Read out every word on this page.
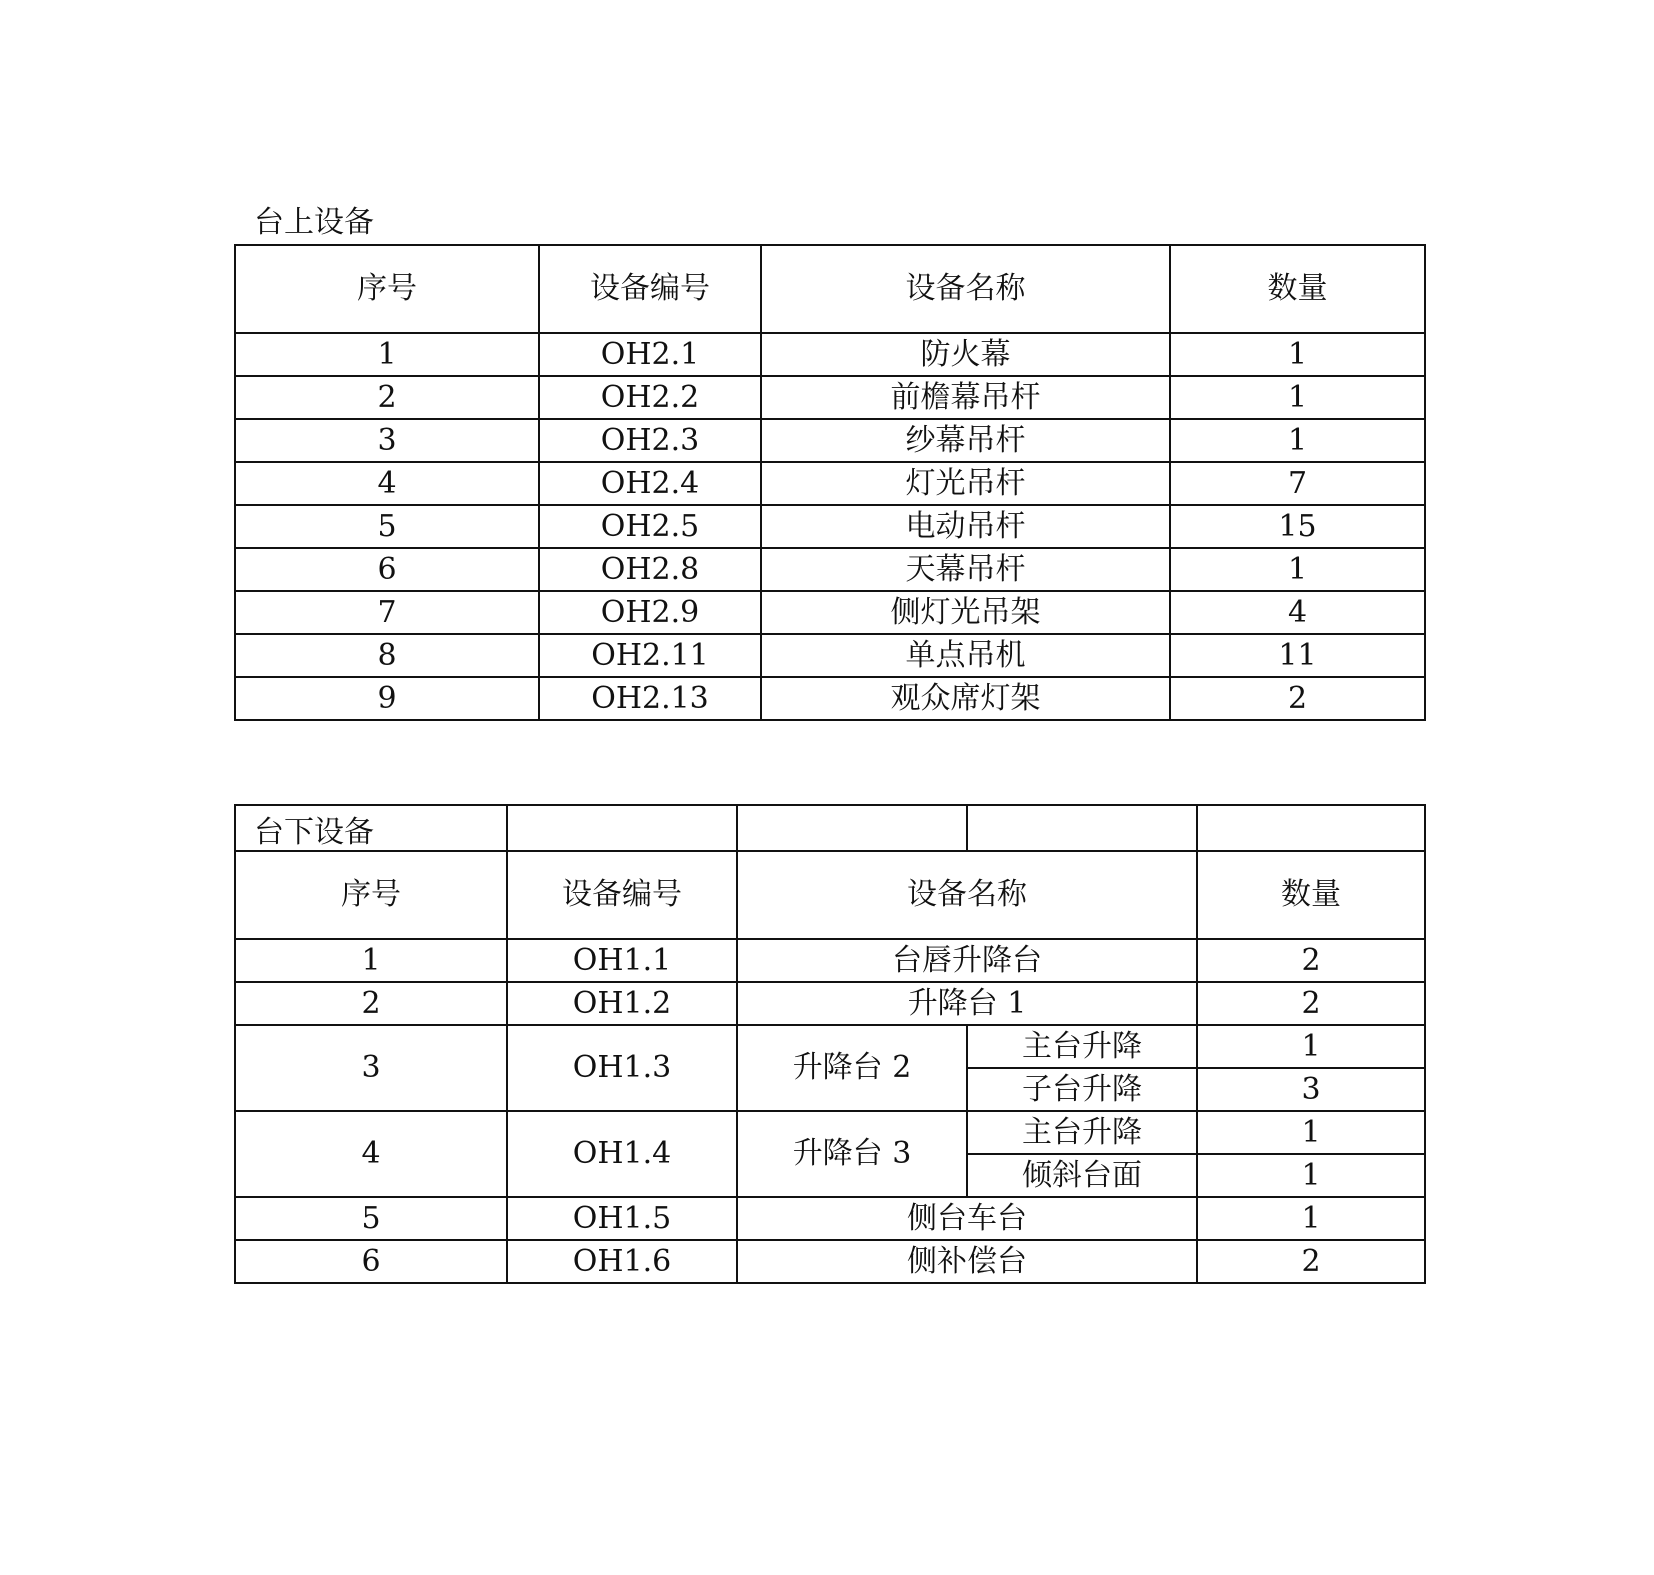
台上设备
序号	设备编号	设备名称	数量
1	OH2.1	防火幕	1
2	OH2.2	前檐幕吊杆	1
3	OH2.3	纱幕吊杆	1
4	OH2.4	灯光吊杆	7
5	OH2.5	电动吊杆	15
6	OH2.8	天幕吊杆	1
7	OH2.9	侧灯光吊架	4
8	OH2.11	单点吊机	11
9	OH2.13	观众席灯架	2
台下设备				
序号	设备编号	设备名称		数量
1	OH1.1	台唇升降台		2
2	OH1.2	升降台 1		2
3	OH1.3	升降台 2	主台升降	1
			子台升降	3
4	OH1.4	升降台 3	主台升降	1
			倾斜台面	1
5	OH1.5	侧台车台		1
6	OH1.6	侧补偿台		2
